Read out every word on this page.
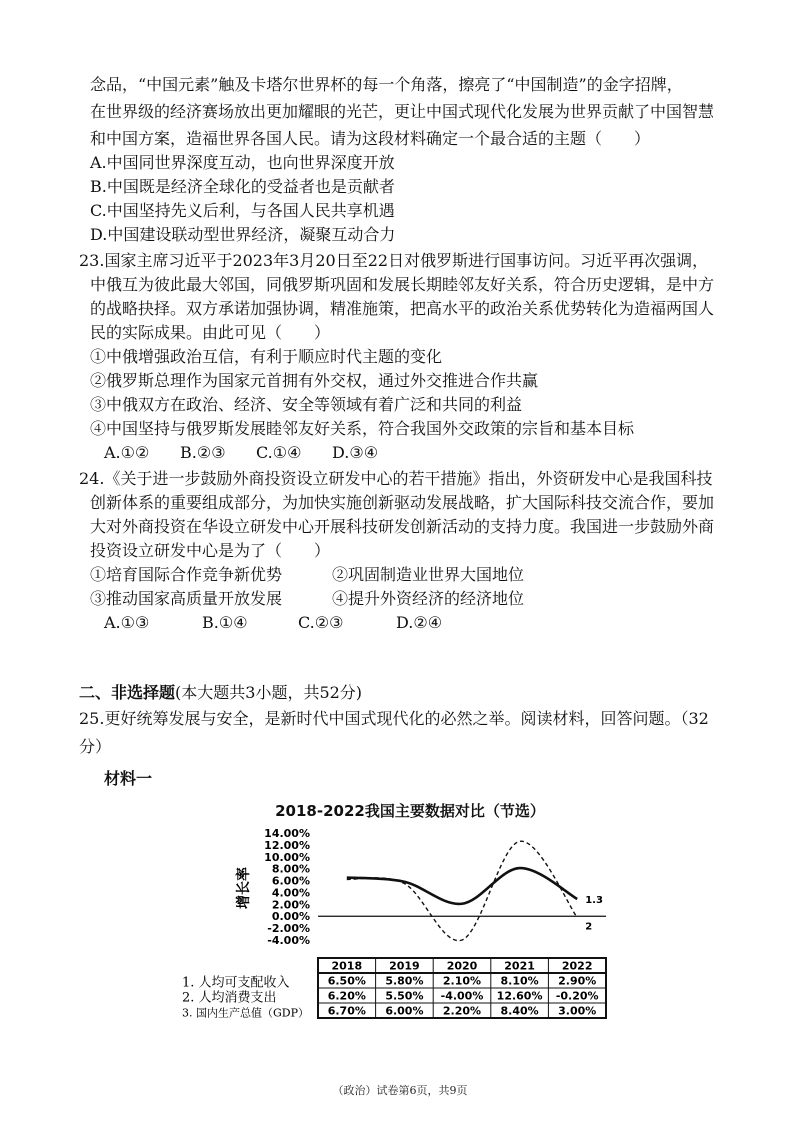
念品，“中国元素”触及卡塔尔世界杯的每一个角落，擦亮了“中国制造”的金字招牌，
在世界级的经济赛场放出更加耀眼的光芒，更让中国式现代化发展为世界贡献了中国智慧
和中国方案，造福世界各国人民。请为这段材料确定一个最合适的主题（　　）
A.中国同世界深度互动，也向世界深度开放
B.中国既是经济全球化的受益者也是贡献者
C.中国坚持先义后利，与各国人民共享机遇
D.中国建设联动型世界经济，凝聚互动合力
23.国家主席习近平于2023年3月20日至22日对俄罗斯进行国事访问。习近平再次强调，
中俄互为彼此最大邻国，同俄罗斯巩固和发展长期睦邻友好关系，符合历史逻辑，是中方
的战略抉择。双方承诺加强协调，精准施策，把高水平的政治关系优势转化为造福两国人
民的实际成果。由此可见（　　）
①中俄增强政治互信，有利于顺应时代主题的变化
②俄罗斯总理作为国家元首拥有外交权，通过外交推进合作共赢
③中俄双方在政治、经济、安全等领域有着广泛和共同的利益
④中国坚持与俄罗斯发展睦邻友好关系，符合我国外交政策的宗旨和基本目标
A.①② B.②③ C.①④ D.③④
24.《关于进一步鼓励外商投资设立研发中心的若干措施》指出，外资研发中心是我国科技
创新体系的重要组成部分，为加快实施创新驱动发展战略，扩大国际科技交流合作，要加
大对外商投资在华设立研发中心开展科技研发创新活动的支持力度。我国进一步鼓励外商
投资设立研发中心是为了（　　）
①培育国际合作竞争新优势	②巩固制造业世界大国地位
③推动国家高质量开放发展	④提升外资经济的经济地位
A.①③	B.①④	C.②③	D.②④
二、非选择题(本大题共3小题，共52分)
25.更好统筹发展与安全，是新时代中国式现代化的必然之举。阅读材料，回答问题。（32
分）
材料一
2018-2022我国主要数据对比（节选）
14.00%
12.00%
10.00%
8.00%
6.00%
4.00%
2.00%
0.00%
-2.00%
-4.00%
增长率	1.3
2
2018 2019 2020 2021 2022
1. 人均可支配收入	6.50% 5.80% 2.10% 8.10% 2.90%
2. 人均消费支出	6.20% 5.50% -4.00% 12.60% -0.20%
3. 国内生产总值（GDP） 6.70% 6.00% 2.20% 8.40% 3.00%
（政治）试卷第6页，共9页
